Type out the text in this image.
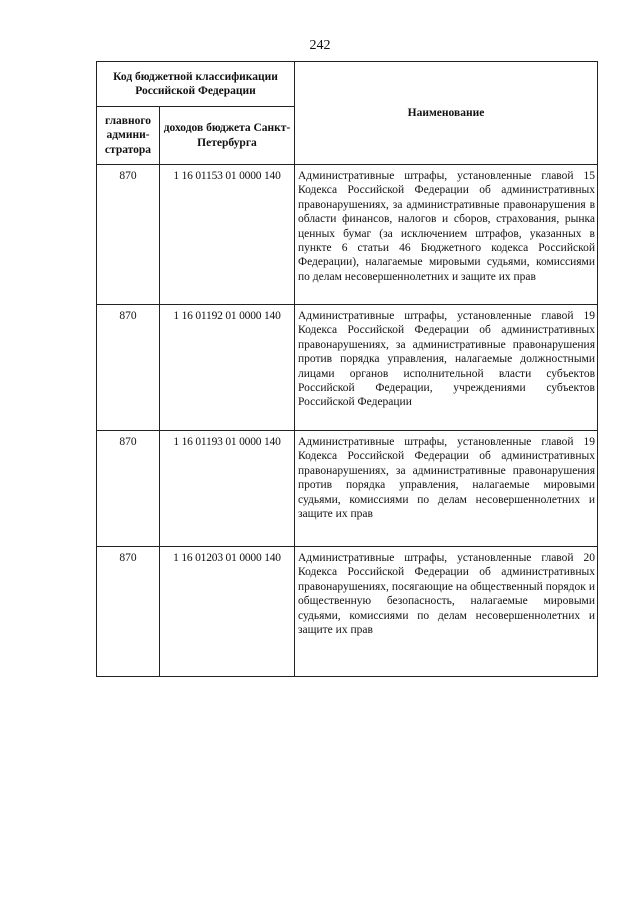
242
Код бюджетной классификации Российской Федерации		Наименование
главного админи-стратора	доходов бюджета Санкт-Петербурга	
870	1 16 01153 01 0000 140	Административные штрафы, установленные главой 15 Кодекса Российской Федерации об административных правонарушениях, за административные правонарушения в области финансов, налогов и сборов, страхования, рынка ценных бумаг (за исключением штрафов, указанных в пункте 6 статьи 46 Бюджетного кодекса Российской Федерации), налагаемые мировыми судьями, комиссиями по делам несовершеннолетних и защите их прав
870	1 16 01192 01 0000 140	Административные штрафы, установленные главой 19 Кодекса Российской Федерации об административных правонарушениях, за административные правонарушения против порядка управления, налагаемые должностными лицами органов исполнительной власти субъектов Российской Федерации, учреждениями субъектов Российской Федерации
870	1 16 01193 01 0000 140	Административные штрафы, установленные главой 19 Кодекса Российской Федерации об административных правонарушениях, за административные правонарушения против порядка управления, налагаемые мировыми судьями, комиссиями по делам несовершеннолетних и защите их прав
870	1 16 01203 01 0000 140	Административные штрафы, установленные главой 20 Кодекса Российской Федерации об административных правонарушениях, посягающие на общественный порядок и общественную безопасность, налагаемые мировыми судьями, комиссиями по делам несовершеннолетних и защите их прав
